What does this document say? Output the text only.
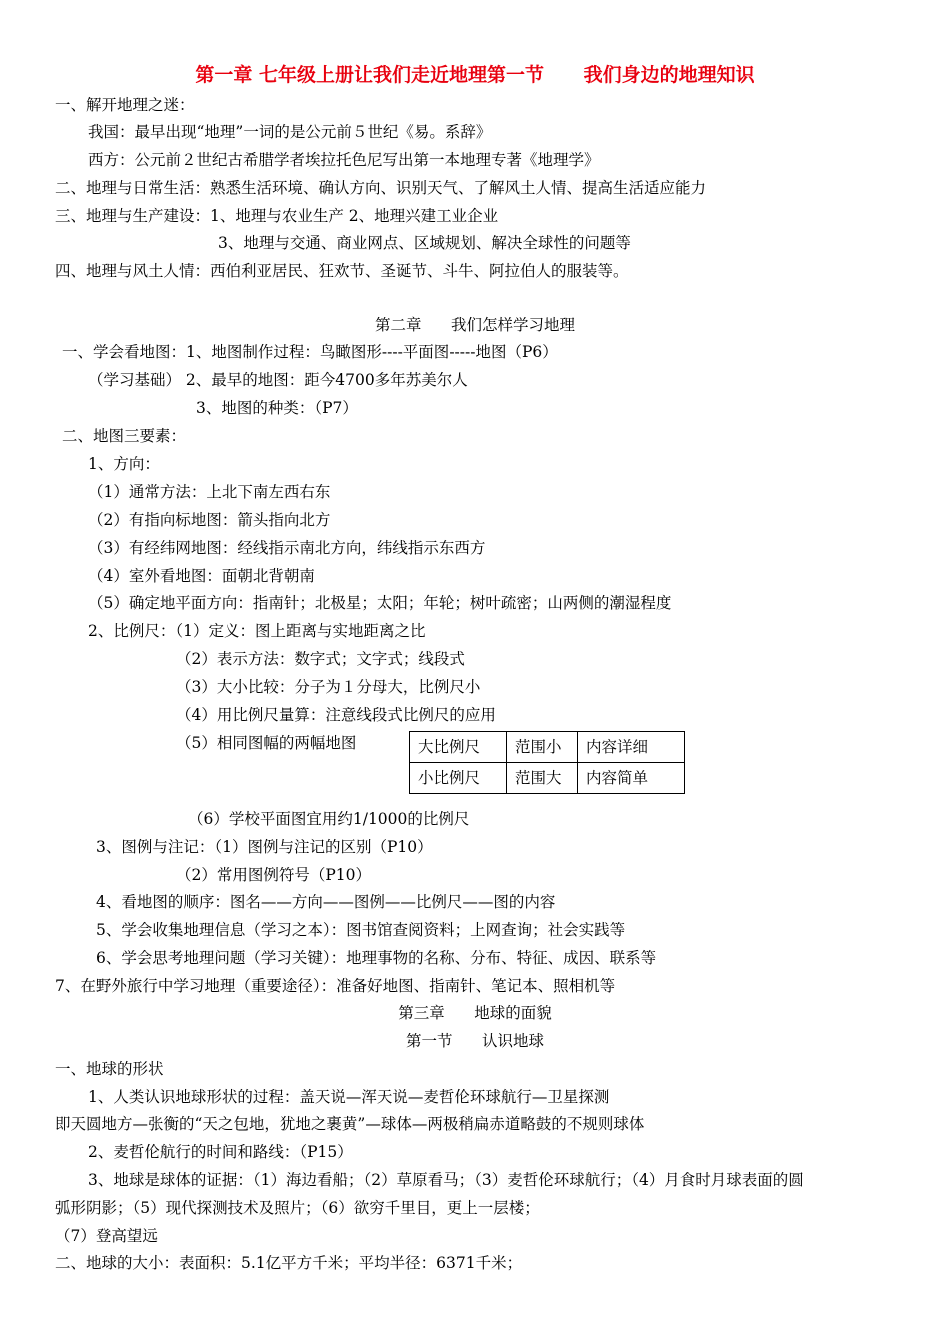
第一章 七年级上册让我们走近地理第一节      我们身边的地理知识
一、解开地理之迷：
我国：最早出现“地理”一词的是公元前５世纪《易。系辞》
西方：公元前２世纪古希腊学者埃拉托色尼写出第一本地理专著《地理学》
二、地理与日常生活：熟悉生活环境、确认方向、识别天气、了解风土人情、提高生活适应能力
三、地理与生产建设：1、地理与农业生产 2、地理兴建工业企业
3、地理与交通、商业网点、区域规划、解决全球性的问题等
四、地理与风土人情：西伯利亚居民、狂欢节、圣诞节、斗牛、阿拉伯人的服装等。
第二章      我们怎样学习地理
一、学会看地图：1、地图制作过程：鸟瞰图形----平面图-----地图（P6）
（学习基础） 2、最早的地图：距今4700多年苏美尔人
3、地图的种类：（P7）
二、地图三要素：
1、方向：
（1）通常方法：上北下南左西右东
（2）有指向标地图：箭头指向北方
（3）有经纬网地图：经线指示南北方向，纬线指示东西方
（4）室外看地图：面朝北背朝南
（5）确定地平面方向：指南针；北极星；太阳；年轮；树叶疏密；山两侧的潮湿程度
2、比例尺：（1）定义：图上距离与实地距离之比
（2）表示方法：数字式；文字式；线段式
（3）大小比较：分子为１分母大，比例尺小
（4）用比例尺量算：注意线段式比例尺的应用
（5）相同图幅的两幅地图	大比例尺	范围小	内容详细
小比例尺	范围大	内容简单
（6）学校平面图宜用约1/1000的比例尺
3、图例与注记：（1）图例与注记的区别（P10）
（2）常用图例符号（P10）
4、看地图的顺序：图名——方向——图例——比例尺——图的内容
5、学会收集地理信息（学习之本）：图书馆查阅资料；上网查询；社会实践等
6、学会思考地理问题（学习关键）：地理事物的名称、分布、特征、成因、联系等
7、在野外旅行中学习地理（重要途径）：准备好地图、指南针、笔记本、照相机等
第三章      地球的面貌
第一节      认识地球
一、地球的形状
1、人类认识地球形状的过程：盖天说—浑天说—麦哲伦环球航行—卫星探测
即天圆地方—张衡的“天之包地，犹地之裹黄”—球体—两极稍扁赤道略鼓的不规则球体
2、麦哲伦航行的时间和路线：（P15）
3、地球是球体的证据：（1）海边看船；（2）草原看马；（3）麦哲伦环球航行；（4）月食时月球表面的圆
弧形阴影；（5）现代探测技术及照片；（6）欲穷千里目，更上一层楼；
（7）登高望远
二、地球的大小：表面积：5.1亿平方千米；平均半径：6371千米；
